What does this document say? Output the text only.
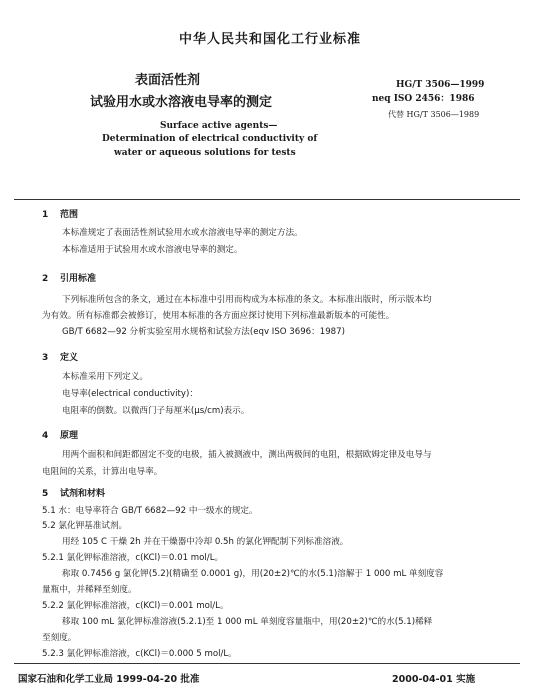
中华人民共和国化工行业标准
表面活性剂
试验用水或水溶液电导率的测定
HG/T 3506—1999
neq ISO 2456：1986
代替 HG/T 3506—1989
Surface active agents—
Determination of electrical conductivity of
water or aqueous solutions for tests
1 范围
本标准规定了表面活性剂试验用水或水溶液电导率的测定方法。
本标准适用于试验用水或水溶液电导率的测定。
2 引用标准
下列标准所包含的条文，通过在本标准中引用而构成为本标准的条文。本标准出版时，所示版本均
为有效。所有标准都会被修订，使用本标准的各方面应探讨使用下列标准最新版本的可能性。
GB/T 6682—92 分析实验室用水规格和试验方法(eqv ISO 3696：1987)
3 定义
本标准采用下列定义。
电导率(electrical conductivity)：
电阻率的倒数。以微西门子每厘米(μs/cm)表示。
4 原理
用两个面积和间距都固定不变的电极，插入被测液中，测出两极间的电阻，根据欧姆定律及电导与
电阻间的关系，计算出电导率。
5 试剂和材料
5.1 水：电导率符合 GB/T 6682—92 中一级水的规定。
5.2 氯化钾基准试剂。
用经 105 C 干燥 2h 并在干燥器中冷却 0.5h 的氯化钾配制下列标准溶液。
5.2.1 氯化钾标准溶液，c(KCl)＝0.01 mol/L。
称取 0.7456 g 氯化钾(5.2)(精确至 0.0001 g)，用(20±2)℃的水(5.1)溶解于 1 000 mL 单刻度容
量瓶中，并稀释至刻度。
5.2.2 氯化钾标准溶液，c(KCl)＝0.001 mol/L。
移取 100 mL 氯化钾标准溶液(5.2.1)至 1 000 mL 单刻度容量瓶中，用(20±2)℃的水(5.1)稀释
至刻度。
5.2.3 氯化钾标准溶液，c(KCl)＝0.000 5 mol/L。
国家石油和化学工业局 1999-04-20 批准	2000-04-01 实施
